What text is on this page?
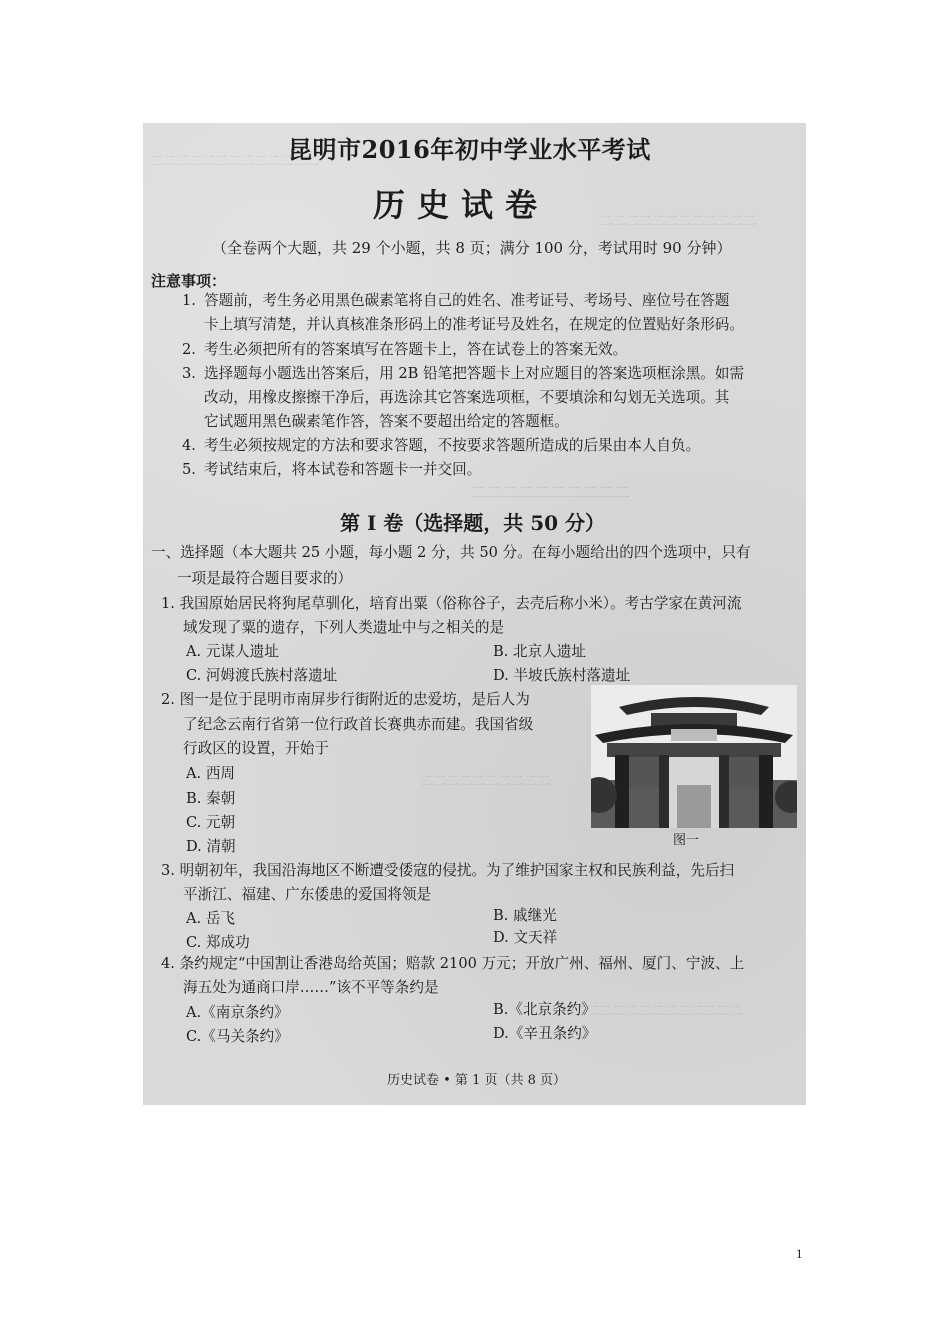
二二二二二二二二二二二二二
二二二二二二二二二二二二
二二二二二二二二二二
二二二二二二二二二二
二二二二二二二二二二二二二二
昆明市2016年初中学业水平考试
历史试卷
（全卷两个大题，共 29 个小题，共 8 页；满分 100 分，考试用时 90 分钟）
注意事项：
1. 答题前，考生务必用黑色碳素笔将自己的姓名、准考证号、考场号、座位号在答题
卡上填写清楚，并认真核准条形码上的准考证号及姓名，在规定的位置贴好条形码。
2. 考生必须把所有的答案填写在答题卡上，答在试卷上的答案无效。
3. 选择题每小题选出答案后，用 2B 铅笔把答题卡上对应题目的答案选项框涂黑。如需
改动，用橡皮擦擦干净后，再选涂其它答案选项框，不要填涂和勾划无关选项。其
它试题用黑色碳素笔作答，答案不要超出给定的答题框。
4. 考生必须按规定的方法和要求答题，不按要求答题所造成的后果由本人自负。
5. 考试结束后，将本试卷和答题卡一并交回。
第 I 卷（选择题，共 50 分）
一、选择题（本大题共 25 小题，每小题 2 分，共 50 分。在每小题给出的四个选项中，只有
一项是最符合题目要求的）
1. 我国原始居民将狗尾草驯化，培育出粟（俗称谷子，去壳后称小米）。考古学家在黄河流
域发现了粟的遗存，下列人类遗址中与之相关的是
A. 元谋人遗址	B. 北京人遗址
C. 河姆渡氏族村落遗址	D. 半坡氏族村落遗址
2. 图一是位于昆明市南屏步行街附近的忠爱坊，是后人为
了纪念云南行省第一位行政首长赛典赤而建。我国省级
行政区的设置，开始于
A. 西周
B. 秦朝
C. 元朝
D. 清朝	图一
3. 明朝初年，我国沿海地区不断遭受倭寇的侵扰。为了维护国家主权和民族利益，先后扫
平浙江、福建、广东倭患的爱国将领是
A. 岳飞	B. 戚继光
C. 郑成功	D. 文天祥
4. 条约规定“中国割让香港岛给英国；赔款 2100 万元；开放广州、福州、厦门、宁波、上
海五处为通商口岸……”该不平等条约是
A.《南京条约》	B.《北京条约》
C.《马关条约》	D.《辛丑条约》
历史试卷 • 第 1 页（共 8 页）
1
